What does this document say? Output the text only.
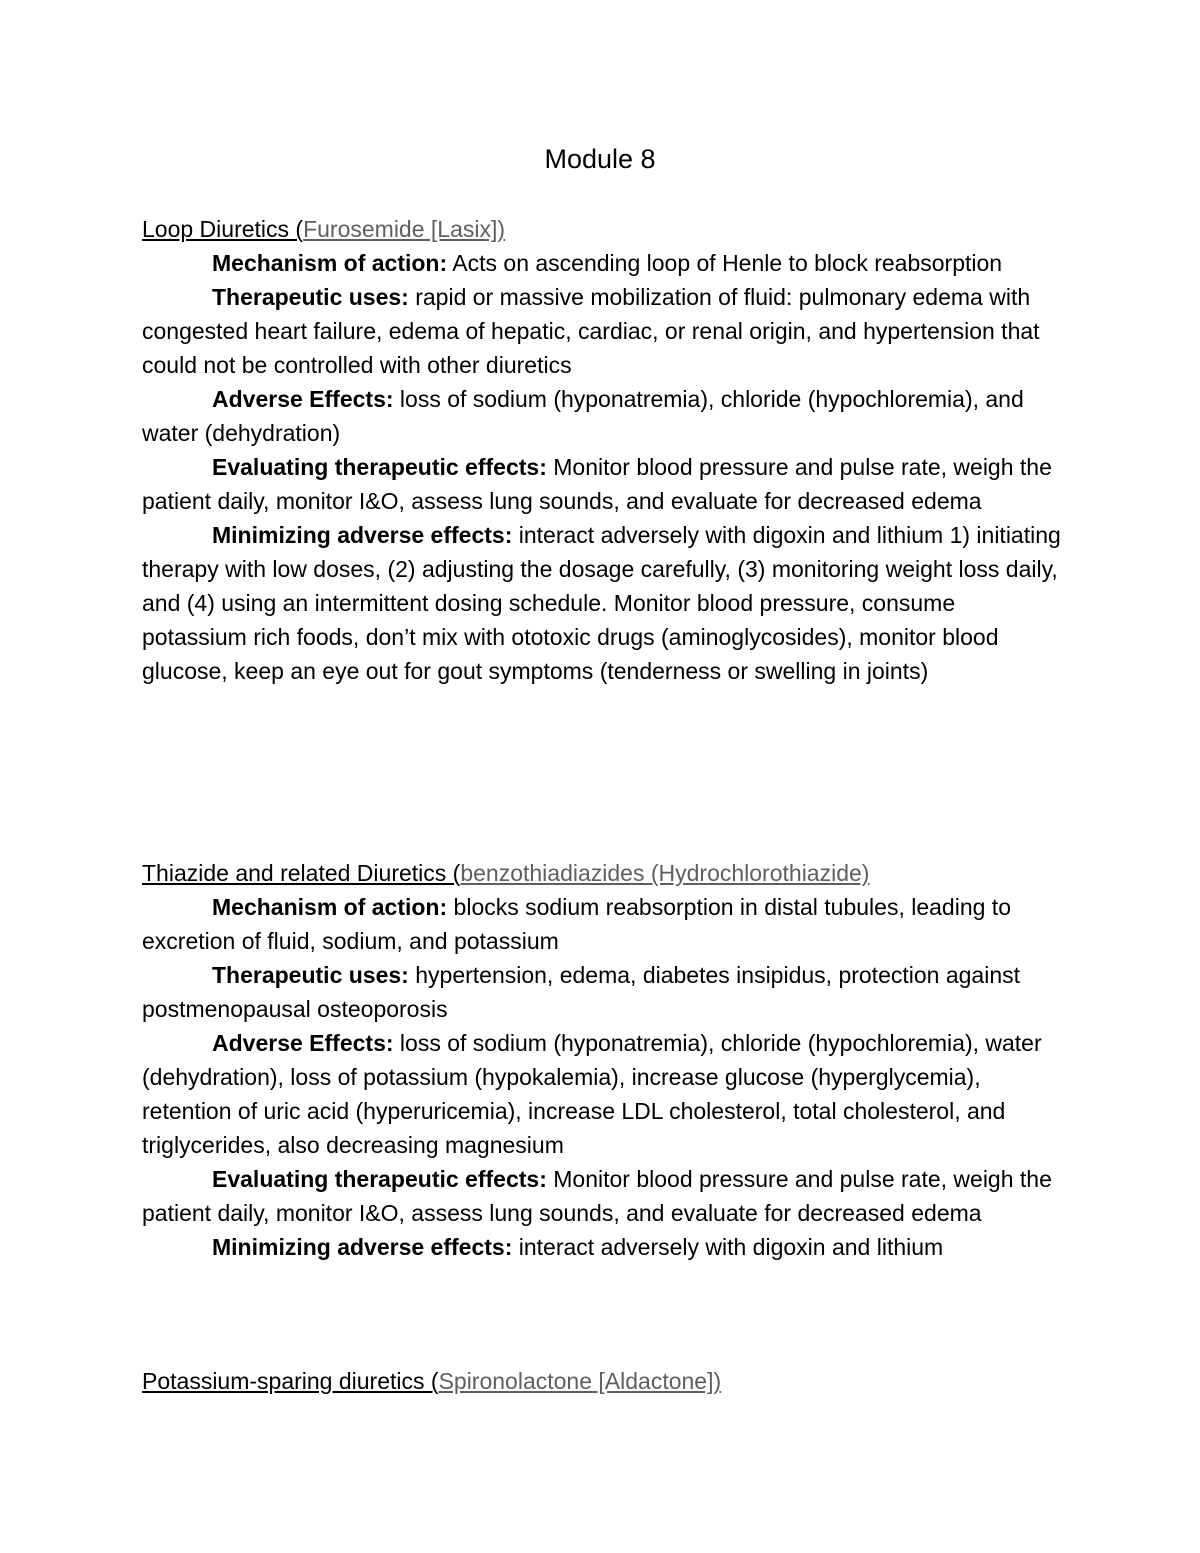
Module 8
Loop Diuretics (Furosemide [Lasix])

Mechanism of action: Acts on ascending loop of Henle to block reabsorption

Therapeutic uses: rapid or massive mobilization of fluid: pulmonary edema with congested heart failure, edema of hepatic, cardiac, or renal origin, and hypertension that could not be controlled with other diuretics

Adverse Effects: loss of sodium (hyponatremia), chloride (hypochloremia), and water (dehydration)

Evaluating therapeutic effects: Monitor blood pressure and pulse rate, weigh the patient daily, monitor I&O, assess lung sounds, and evaluate for decreased edema

Minimizing adverse effects: interact adversely with digoxin and lithium 1) initiating therapy with low doses, (2) adjusting the dosage carefully, (3) monitoring weight loss daily, and (4) using an intermittent dosing schedule. Monitor blood pressure, consume potassium rich foods, don’t mix with ototoxic drugs (aminoglycosides), monitor blood glucose, keep an eye out for gout symptoms (tenderness or swelling in joints)

Thiazide and related Diuretics (benzothiadiazides (Hydrochlorothiazide)

Mechanism of action: blocks sodium reabsorption in distal tubules, leading to excretion of fluid, sodium, and potassium

Therapeutic uses: hypertension, edema, diabetes insipidus, protection against postmenopausal osteoporosis

Adverse Effects: loss of sodium (hyponatremia), chloride (hypochloremia), water (dehydration), loss of potassium (hypokalemia), increase glucose (hyperglycemia), retention of uric acid (hyperuricemia), increase LDL cholesterol, total cholesterol, and triglycerides, also decreasing magnesium

Evaluating therapeutic effects: Monitor blood pressure and pulse rate, weigh the patient daily, monitor I&O, assess lung sounds, and evaluate for decreased edema

Minimizing adverse effects: interact adversely with digoxin and lithium

Potassium-sparing diuretics (Spironolactone [Aldactone])
